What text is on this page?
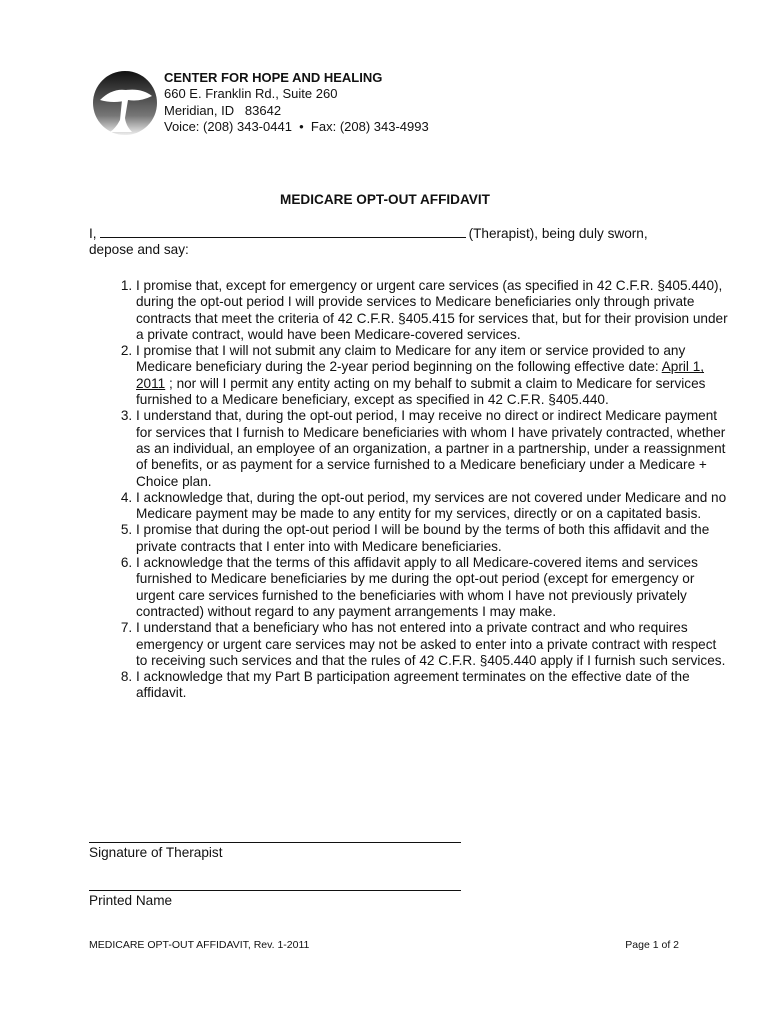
CENTER FOR HOPE AND HEALING
660 E. Franklin Rd., Suite 260
Meridian, ID   83642
Voice: (208) 343-0441  •  Fax: (208) 343-4993
MEDICARE OPT-OUT AFFIDAVIT
I,	(Therapist), being duly sworn, depose and say:
1. I promise that, except for emergency or urgent care services (as specified in 42 C.F.R. §405.440), during the opt-out period I will provide services to Medicare beneficiaries only through private contracts that meet the criteria of 42 C.F.R. §405.415 for services that, but for their provision under a private contract, would have been Medicare-covered services.
2. I promise that I will not submit any claim to Medicare for any item or service provided to any Medicare beneficiary during the 2-year period beginning on the following effective date: April 1, 2011 ; nor will I permit any entity acting on my behalf to submit a claim to Medicare for services furnished to a Medicare beneficiary, except as specified in 42 C.F.R. §405.440.
3. I understand that, during the opt-out period, I may receive no direct or indirect Medicare payment for services that I furnish to Medicare beneficiaries with whom I have privately contracted, whether as an individual, an employee of an organization, a partner in a partnership, under a reassignment of benefits, or as payment for a service furnished to a Medicare beneficiary under a Medicare + Choice plan.
4. I acknowledge that, during the opt-out period, my services are not covered under Medicare and no Medicare payment may be made to any entity for my services, directly or on a capitated basis.
5. I promise that during the opt-out period I will be bound by the terms of both this affidavit and the private contracts that I enter into with Medicare beneficiaries.
6. I acknowledge that the terms of this affidavit apply to all Medicare-covered items and services furnished to Medicare beneficiaries by me during the opt-out period (except for emergency or urgent care services furnished to the beneficiaries with whom I have not previously privately contracted) without regard to any payment arrangements I may make.
7. I understand that a beneficiary who has not entered into a private contract and who requires emergency or urgent care services may not be asked to enter into a private contract with respect to receiving such services and that the rules of 42 C.F.R. §405.440 apply if I furnish such services.
8. I acknowledge that my Part B participation agreement terminates on the effective date of the affidavit.
Signature of Therapist
Printed Name
MEDICARE OPT-OUT AFFIDAVIT, Rev. 1-2011	Page 1 of 2
